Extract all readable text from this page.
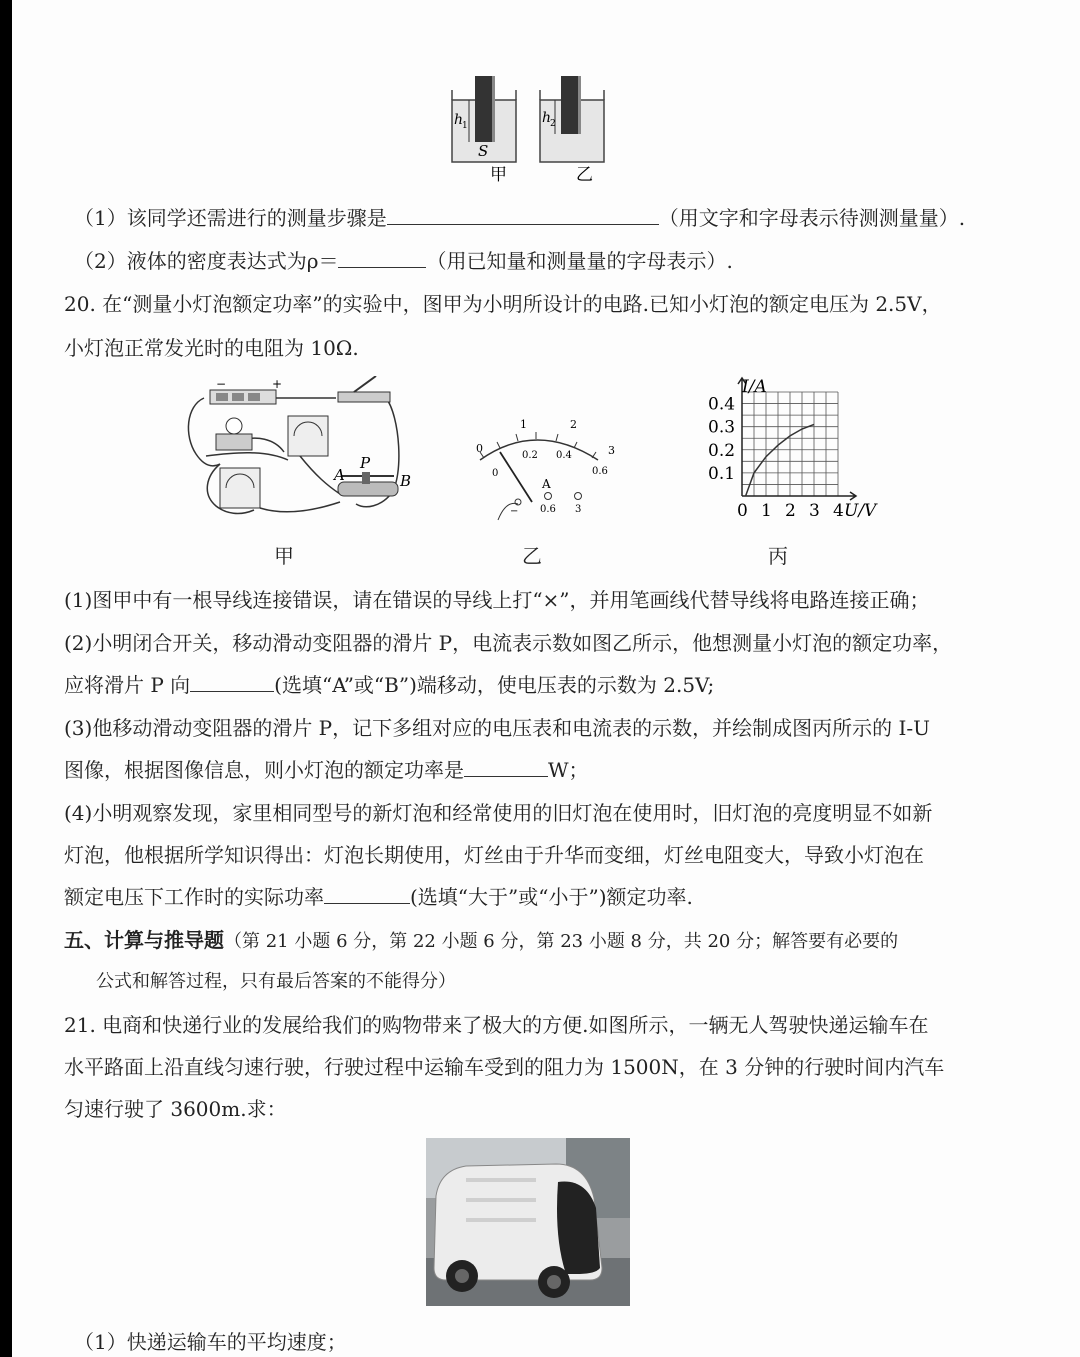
h
1
S
h
2
甲	乙
（1）该同学还需进行的测量步骤是	（用文字和字母表示待测测量量）.
（2）液体的密度表达式为ρ＝	（用已知量和测量量的字母表示）.
20. 在“测量小灯泡额定功率”的实验中，图甲为小明所设计的电路.已知小灯泡的额定电压为 2.5V，
小灯泡正常发光时的电阻为 10Ω.
−	+
A
P
B
0
1	2
3
0.2 0.4
0.6
0
A
− 0.6 3
0.4
0.3
0.2
0.1
0 1 2 3 4
I/A
U/V
甲	乙	丙
(1)图甲中有一根导线连接错误，请在错误的导线上打“×”，并用笔画线代替导线将电路连接正确；
(2)小明闭合开关，移动滑动变阻器的滑片 P，电流表示数如图乙所示，他想测量小灯泡的额定功率，
应将滑片 P 向	(选填“A”或“B”)端移动，使电压表的示数为 2.5V;
(3)他移动滑动变阻器的滑片 P，记下多组对应的电压表和电流表的示数，并绘制成图丙所示的 I-U
图像，根据图像信息，则小灯泡的额定功率是	W；
(4)小明观察发现，家里相同型号的新灯泡和经常使用的旧灯泡在使用时，旧灯泡的亮度明显不如新
灯泡，他根据所学知识得出：灯泡长期使用，灯丝由于升华而变细，灯丝电阻变大，导致小灯泡在
额定电压下工作时的实际功率	(选填“大于”或“小于”)额定功率.
五、计算与推导题（第 21 小题 6 分，第 22 小题 6 分，第 23 小题 8 分，共 20 分；解答要有必要的
公式和解答过程，只有最后答案的不能得分）
21. 电商和快递行业的发展给我们的购物带来了极大的方便.如图所示，一辆无人驾驶快递运输车在
水平路面上沿直线匀速行驶，行驶过程中运输车受到的阻力为 1500N，在 3 分钟的行驶时间内汽车
匀速行驶了 3600m.求：
（1）快递运输车的平均速度；
